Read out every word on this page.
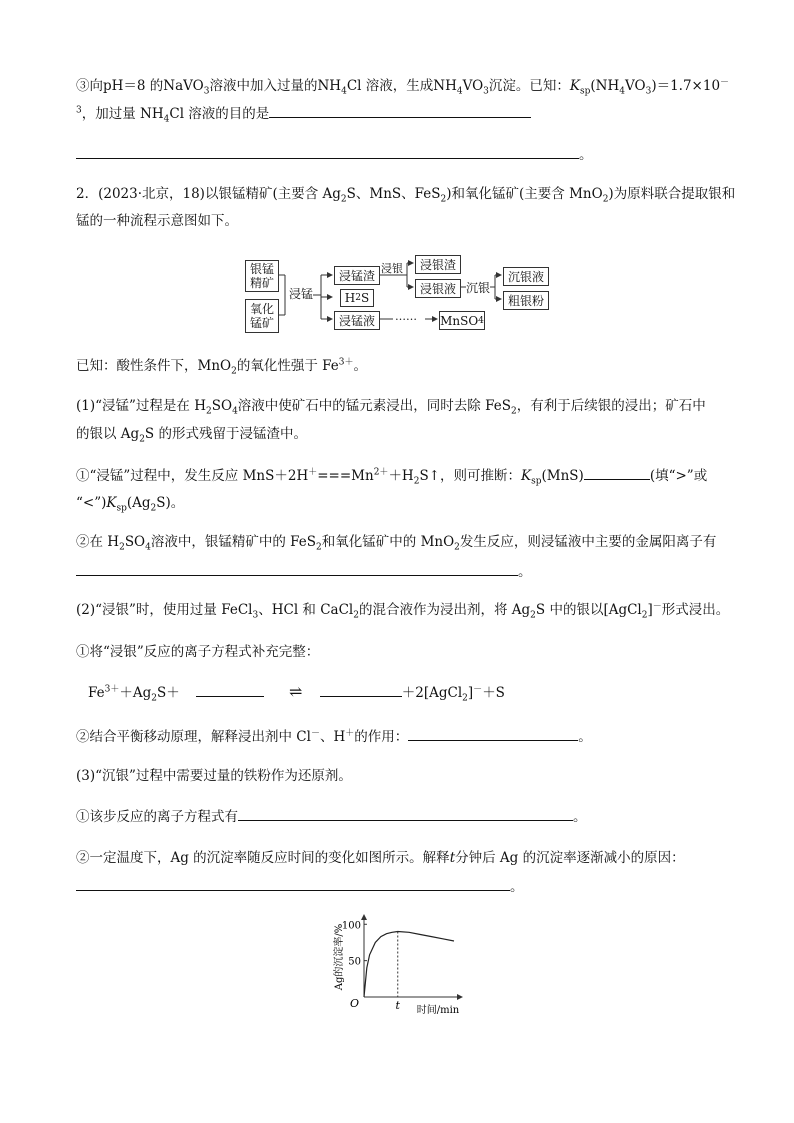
③向pH＝8 的NaVO$_3$溶液中加入过量的$NH_4Cl$ 溶液，生成$NH_4VO_3$沉淀。已知：$K_{sp}(NH_4VO_3)=1.7\times 10^-$
$^3$，加过量 $NH_4Cl$ 溶液的目的是
。
2．(2023·北京，18)以银锰精矿(主要含 $Ag_2S$、MnS、FeS$_2$)和氧化锰矿(主要含 MnO$_2$)为原料联合提取银和
锰的一种流程示意图如下。
银锰精矿
氧化锰矿
浸锰
浸锰渣
H 2 S
浸锰液 …… MnSO 4
浸银 浸银渣
浸银液 沉银
沉银液
粗银粉
已知：酸性条件下，MnO$_2$的氧化性强于 $Fe^{3+}$。
(1)“浸锰”过程是在 $H_2SO_4$溶液中使矿石中的锰元素浸出，同时去除 FeS$_2$，有利于后续银的浸出；矿石中
的银以 $Ag_2S$ 的形式残留于浸锰渣中。
①“浸锰”过程中，发生反应 $MnS+2H^+===Mn^{2+}+H_2S↑$，则可推断：$K_{sp}(MnS)$	(填“>”或
“$<”)K_{sp}(Ag_2S)$。
②在 $H_2SO_4$溶液中，银锰精矿中的 FeS$_2$和氧化锰矿中的 MnO$_2$发生反应，则浸锰液中主要的金属阳离子有
。
(2)“浸银”时，使用过量 FeCl$_3$、HCl 和 CaCl$_2$的混合液作为浸出剂，将 $Ag_2S$ 中的银以[AgCl$_2$]－形式浸出。
①将“浸银”反应的离子方程式补充完整：
$Fe^{3+}+Ag_2S+$	⇌	＋2[AgCl$_2$]－＋S
②结合平衡移动原理，解释浸出剂中 Cl－、H＋的作用：	。
(3)“沉银”过程中需要过量的铁粉作为还原剂。
①该步反应的离子方程式有	。
②一定温度下，Ag 的沉淀率随反应时间的变化如图所示。解释t分钟后 Ag 的沉淀率逐渐减小的原因：
。
50
100
O	t 时间/min
Ag的沉淀率/%
